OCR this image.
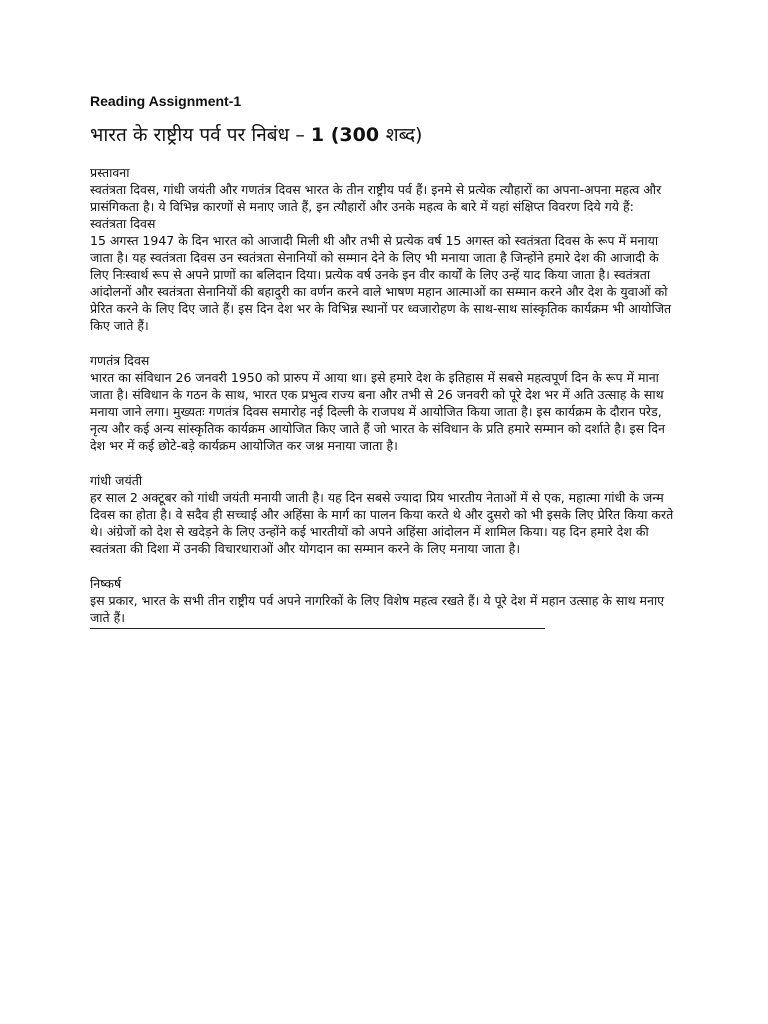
Reading Assignment-1
भारत के राष्ट्रीय पर्व पर निबंध – 1 (300 शब्द)
प्रस्तावना
स्वतंत्रता दिवस, गांधी जयंती और गणतंत्र दिवस भारत के तीन राष्ट्रीय पर्व हैं। इनमे से प्रत्येक त्यौहारों का अपना-अपना महत्व और प्रासंगिकता है। ये विभिन्न कारणों से मनाए जाते हैं, इन त्यौहारों और उनके महत्व के बारे में यहां संक्षिप्त विवरण दिये गये हैं:
स्वतंत्रता दिवस
15 अगस्त 1947 के दिन भारत को आजादी मिली थी और तभी से प्रत्येक वर्ष 15 अगस्त को स्वतंत्रता दिवस के रूप में मनाया जाता है। यह स्वतंत्रता दिवस उन स्वतंत्रता सेनानियों को सम्मान देने के लिए भी मनाया जाता है जिन्होंने हमारे देश की आजादी के लिए निःस्वार्थ रूप से अपने प्राणों का बलिदान दिया। प्रत्येक वर्ष उनके इन वीर कार्यों के लिए उन्हें याद किया जाता है। स्वतंत्रता आंदोलनों और स्वतंत्रता सेनानियों की बहादुरी का वर्णन करने वाले भाषण महान आत्माओं का सम्मान करने और देश के युवाओं को प्रेरित करने के लिए दिए जाते हैं। इस दिन देश भर के विभिन्न स्थानों पर ध्वजारोहण के साथ-साथ सांस्कृतिक कार्यक्रम भी आयोजित किए जाते हैं।
गणतंत्र दिवस
भारत का संविधान 26 जनवरी 1950 को प्रारुप में आया था। इसे हमारे देश के इतिहास में सबसे महत्वपूर्ण दिन के रूप में माना जाता है। संविधान के गठन के साथ, भारत एक प्रभुत्व राज्य बना और तभी से 26 जनवरी को पूरे देश भर में अति उत्साह के साथ मनाया जाने लगा। मुख्यतः गणतंत्र दिवस समारोह नई दिल्ली के राजपथ में आयोजित किया जाता है। इस कार्यक्रम के दौरान परेड, नृत्य और कई अन्य सांस्कृतिक कार्यक्रम आयोजित किए जाते हैं जो भारत के संविधान के प्रति हमारे सम्मान को दर्शाते है। इस दिन देश भर में कई छोटे-बड़े कार्यक्रम आयोजित कर जश्न मनाया जाता है।
गांधी जयंती
हर साल 2 अक्टूबर को गांधी जयंती मनायी जाती है। यह दिन सबसे ज्यादा प्रिय भारतीय नेताओं में से एक, महात्मा गांधी के जन्म दिवस का होता है। वे सदैव ही सच्चाई और अहिंसा के मार्ग का पालन किया करते थे और दुसरो को भी इसके लिए प्रेरित किया करते थे। अंग्रेजों को देश से खदेड़ने के लिए उन्होंने कई भारतीयों को अपने अहिंसा आंदोलन में शामिल किया। यह दिन हमारे देश की स्वतंत्रता की दिशा में उनकी विचारधाराओं और योगदान का सम्मान करने के लिए मनाया जाता है।
निष्कर्ष
इस प्रकार, भारत के सभी तीन राष्ट्रीय पर्व अपने नागरिकों के लिए विशेष महत्व रखते हैं। ये पूरे देश में महान उत्साह के साथ मनाए जाते हैं।
